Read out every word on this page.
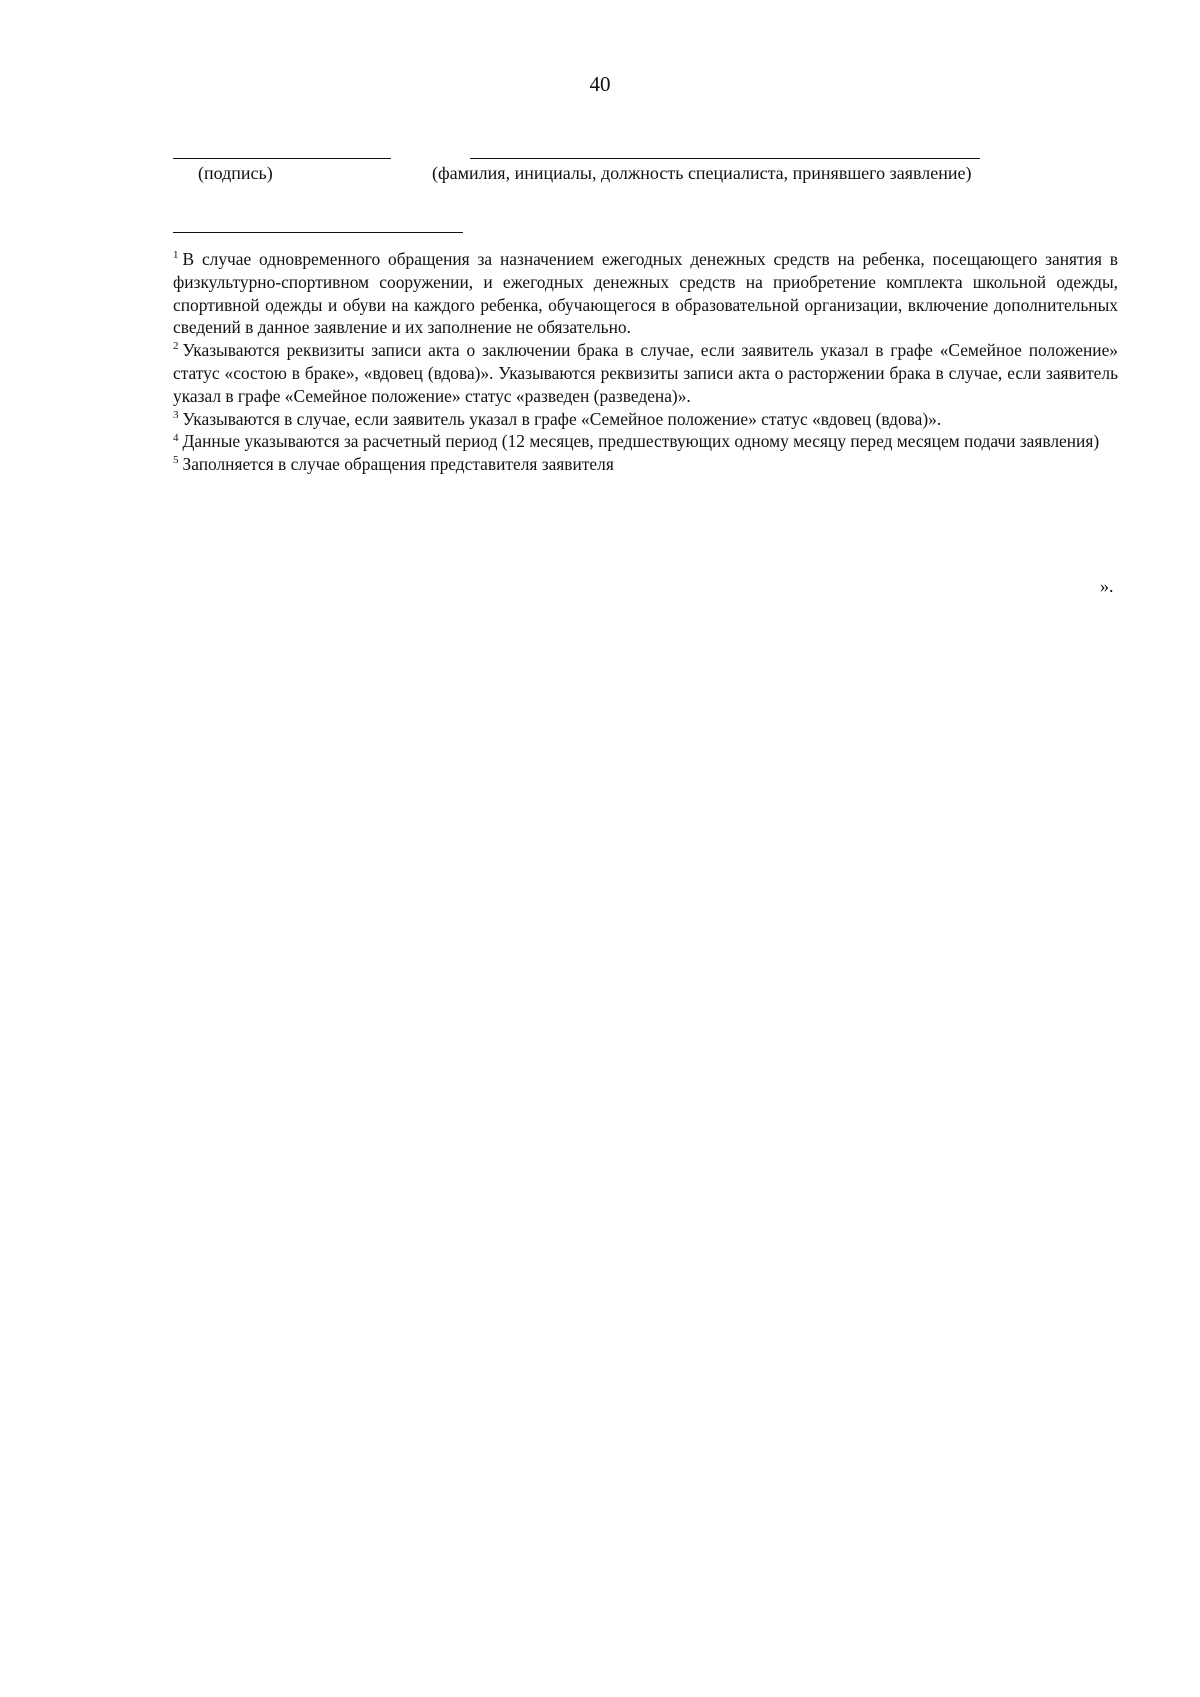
40
(подпись)	(фамилия, инициалы, должность специалиста, принявшего заявление)

$^1$ В случае одновременного обращения за назначением ежегодных денежных средств на ребенка, посещающего занятия в физкультурно-спортивном сооружении, и ежегодных денежных средств на приобретение комплекта школьной одежды, спортивной одежды и обуви на каждого ребенка, обучающегося в образовательной организации, включение дополнительных сведений в данное заявление и их заполнение не обязательно.

$^2$ Указываются реквизиты записи акта о заключении брака в случае, если заявитель указал в графе «Семейное положение» статус «состою в браке», «вдовец (вдова)». Указываются реквизиты записи акта о расторжении брака в случае, если заявитель указал в графе «Семейное положение» статус «разведен (разведена)».

$^3$ Указываются в случае, если заявитель указал в графе «Семейное положение» статус «вдовец (вдова)».

$^4$ Данные указываются за расчетный период (12 месяцев, предшествующих одному месяцу перед месяцем подачи заявления)

$^5$ Заполняется в случае обращения представителя заявителя

».
